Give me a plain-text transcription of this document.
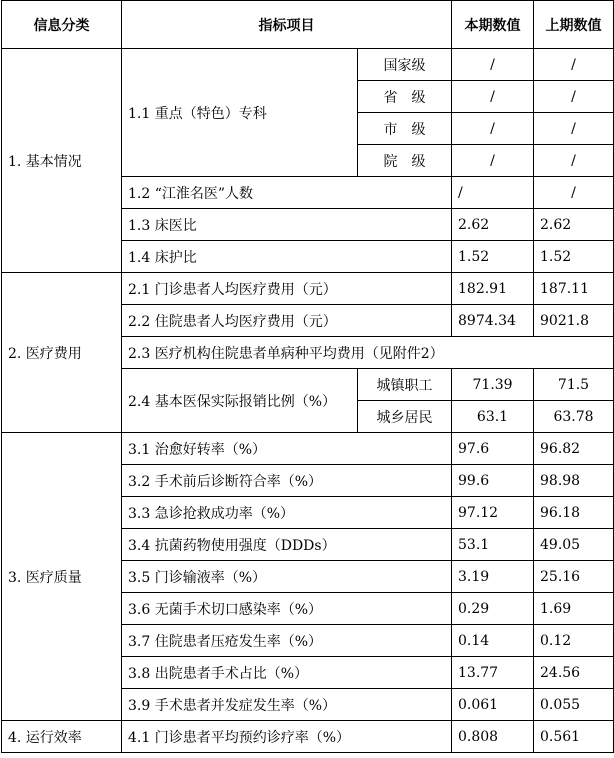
信息分类	指标项目		本期数值	上期数值
1. 基本情况	1.1 重点（特色）专科	国家级	/	/
		省　级	/	/
		市　级	/	/
		院　级	/	/
	1.2 “江淮名医”人数		/	/
	1.3 床医比		2.62	2.62
	1.4 床护比		1.52	1.52
2. 医疗费用	2.1 门诊患者人均医疗费用（元）		182.91	187.11
	2.2 住院患者人均医疗费用（元）		8974.34	9021.8
	2.3 医疗机构住院患者单病种平均费用（见附件2）			
	2.4 基本医保实际报销比例（%）	城镇职工	71.39	71.5
		城乡居民	63.1	63.78
3. 医疗质量	3.1 治愈好转率（%）		97.6	96.82
	3.2 手术前后诊断符合率（%）		99.6	98.98
	3.3 急诊抢救成功率（%）		97.12	96.18
	3.4 抗菌药物使用强度（DDDs）		53.1	49.05
	3.5 门诊输液率（%）		3.19	25.16
	3.6 无菌手术切口感染率（%）		0.29	1.69
	3.7 住院患者压疮发生率（%）		0.14	0.12
	3.8 出院患者手术占比（%）		13.77	24.56
	3.9 手术患者并发症发生率（%）		0.061	0.055
4. 运行效率	4.1 门诊患者平均预约诊疗率（%）		0.808	0.561
